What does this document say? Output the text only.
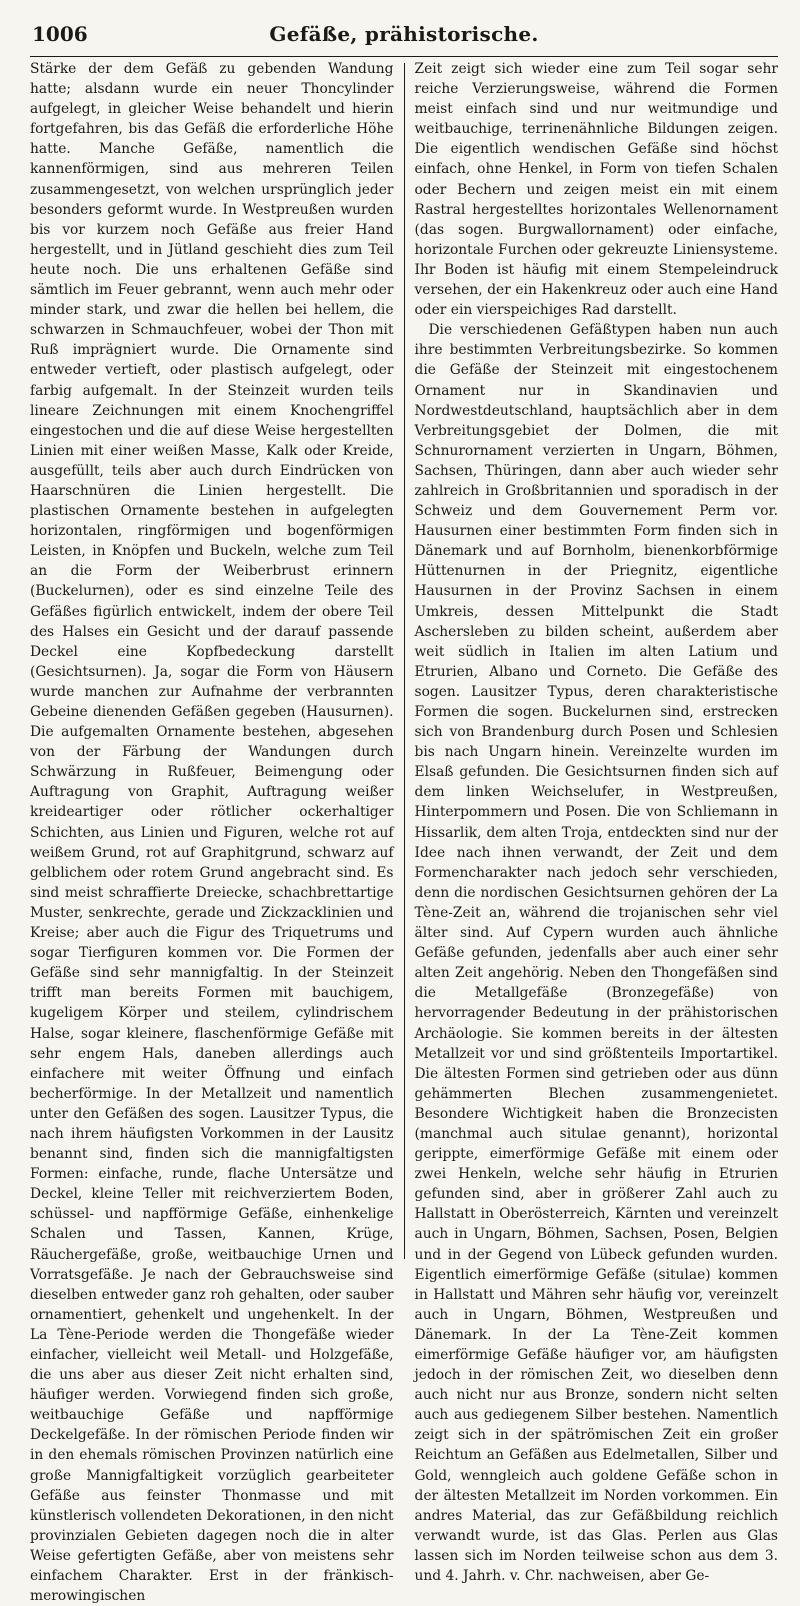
1006	Gefäße, prähistorische.

Stärke der dem Gefäß zu gebenden Wandung hatte; alsdann wurde ein neuer Thoncylinder aufgelegt, in gleicher Weise behandelt und hierin fortgefahren, bis das Gefäß die erforderliche Höhe hatte. Manche Gefäße, namentlich die kannenförmigen, sind aus mehreren Teilen zusammengesetzt, von welchen ursprünglich jeder besonders geformt wurde. In Westpreußen wurden bis vor kurzem noch Gefäße aus freier Hand hergestellt, und in Jütland geschieht dies zum Teil heute noch. Die uns erhaltenen Gefäße sind sämtlich im Feuer gebrannt, wenn auch mehr oder minder stark, und zwar die hellen bei hellem, die schwarzen in Schmauchfeuer, wobei der Thon mit Ruß imprägniert wurde. Die Ornamente sind entweder vertieft, oder plastisch aufgelegt, oder farbig aufgemalt. In der Steinzeit wurden teils lineare Zeichnungen mit einem Knochengriffel eingestochen und die auf diese Weise hergestellten Linien mit einer weißen Masse, Kalk oder Kreide, ausgefüllt, teils aber auch durch Eindrücken von Haarschnüren die Linien hergestellt. Die plastischen Ornamente bestehen in aufgelegten horizontalen, ringförmigen und bogenförmigen Leisten, in Knöpfen und Buckeln, welche zum Teil an die Form der Weiberbrust erinnern (Buckelurnen), oder es sind einzelne Teile des Gefäßes figürlich entwickelt, indem der obere Teil des Halses ein Gesicht und der darauf passende Deckel eine Kopfbedeckung darstellt (Gesichtsurnen). Ja, sogar die Form von Häusern wurde manchen zur Aufnahme der verbrannten Gebeine dienenden Gefäßen gegeben (Hausurnen). Die aufgemalten Ornamente bestehen, abgesehen von der Färbung der Wandungen durch Schwärzung in Rußfeuer, Beimengung oder Auftragung von Graphit, Auftragung weißer kreideartiger oder rötlicher ockerhaltiger Schichten, aus Linien und Figuren, welche rot auf weißem Grund, rot auf Graphitgrund, schwarz auf gelblichem oder rotem Grund angebracht sind. Es sind meist schraffierte Dreiecke, schachbrettartige Muster, senkrechte, gerade und Zickzacklinien und Kreise; aber auch die Figur des Triquetrums und sogar Tierfiguren kommen vor. Die Formen der Gefäße sind sehr mannigfaltig. In der Steinzeit trifft man bereits Formen mit bauchigem, kugeligem Körper und steilem, cylindrischem Halse, sogar kleinere, flaschenförmige Gefäße mit sehr engem Hals, daneben allerdings auch einfachere mit weiter Öffnung und einfach becherförmige. In der Metallzeit und namentlich unter den Gefäßen des sogen. Lausitzer Typus, die nach ihrem häufigsten Vorkommen in der Lausitz benannt sind, finden sich die mannigfaltigsten Formen: einfache, runde, flache Untersätze und Deckel, kleine Teller mit reichverziertem Boden, schüssel- und napfförmige Gefäße, einhenkelige Schalen und Tassen, Kannen, Krüge, Räuchergefäße, große, weitbauchige Urnen und Vorratsgefäße. Je nach der Gebrauchsweise sind dieselben entweder ganz roh gehalten, oder sauber ornamentiert, gehenkelt und ungehenkelt. In der La Tène-Periode werden die Thongefäße wieder einfacher, vielleicht weil Metall- und Holzgefäße, die uns aber aus dieser Zeit nicht erhalten sind, häufiger werden. Vorwiegend finden sich große, weitbauchige Gefäße und napfförmige Deckelgefäße. In der römischen Periode finden wir in den ehemals römischen Provinzen natürlich eine große Mannigfaltigkeit vorzüglich gearbeiteter Gefäße aus feinster Thonmasse und mit künstlerisch vollendeten Dekorationen, in den nicht provinzialen Gebieten dagegen noch die in alter Weise gefertigten Gefäße, aber von meistens sehr einfachem Charakter. Erst in der fränkisch-merowingischen

Zeit zeigt sich wieder eine zum Teil sogar sehr reiche Verzierungsweise, während die Formen meist einfach sind und nur weitmundige und weitbauchige, terrinenähnliche Bildungen zeigen. Die eigentlich wendischen Gefäße sind höchst einfach, ohne Henkel, in Form von tiefen Schalen oder Bechern und zeigen meist ein mit einem Rastral hergestelltes horizontales Wellenornament (das sogen. Burgwallornament) oder einfache, horizontale Furchen oder gekreuzte Liniensysteme. Ihr Boden ist häufig mit einem Stempeleindruck versehen, der ein Hakenkreuz oder auch eine Hand oder ein vierspeichiges Rad darstellt.

Die verschiedenen Gefäßtypen haben nun auch ihre bestimmten Verbreitungsbezirke. So kommen die Gefäße der Steinzeit mit eingestochenem Ornament nur in Skandinavien und Nordwestdeutschland, hauptsächlich aber in dem Verbreitungsgebiet der Dolmen, die mit Schnurornament verzierten in Ungarn, Böhmen, Sachsen, Thüringen, dann aber auch wieder sehr zahlreich in Großbritannien und sporadisch in der Schweiz und dem Gouvernement Perm vor. Hausurnen einer bestimmten Form finden sich in Dänemark und auf Bornholm, bienenkorbförmige Hüttenurnen in der Priegnitz, eigentliche Hausurnen in der Provinz Sachsen in einem Umkreis, dessen Mittelpunkt die Stadt Aschersleben zu bilden scheint, außerdem aber weit südlich in Italien im alten Latium und Etrurien, Albano und Corneto. Die Gefäße des sogen. Lausitzer Typus, deren charakteristische Formen die sogen. Buckelurnen sind, erstrecken sich von Brandenburg durch Posen und Schlesien bis nach Ungarn hinein. Vereinzelte wurden im Elsaß gefunden. Die Gesichtsurnen finden sich auf dem linken Weichselufer, in Westpreußen, Hinterpommern und Posen. Die von Schliemann in Hissarlik, dem alten Troja, entdeckten sind nur der Idee nach ihnen verwandt, der Zeit und dem Formencharakter nach jedoch sehr verschieden, denn die nordischen Gesichtsurnen gehören der La Tène-Zeit an, während die trojanischen sehr viel älter sind. Auf Cypern wurden auch ähnliche Gefäße gefunden, jedenfalls aber auch einer sehr alten Zeit angehörig. Neben den Thongefäßen sind die Metallgefäße (Bronzegefäße) von hervorragender Bedeutung in der prähistorischen Archäologie. Sie kommen bereits in der ältesten Metallzeit vor und sind größtenteils Importartikel. Die ältesten Formen sind getrieben oder aus dünn gehämmerten Blechen zusammengenietet. Besondere Wichtigkeit haben die Bronzecisten (manchmal auch situlae genannt), horizontal gerippte, eimerförmige Gefäße mit einem oder zwei Henkeln, welche sehr häufig in Etrurien gefunden sind, aber in größerer Zahl auch zu Hallstatt in Oberösterreich, Kärnten und vereinzelt auch in Ungarn, Böhmen, Sachsen, Posen, Belgien und in der Gegend von Lübeck gefunden wurden. Eigentlich eimerförmige Gefäße (situlae) kommen in Hallstatt und Mähren sehr häufig vor, vereinzelt auch in Ungarn, Böhmen, Westpreußen und Dänemark. In der La Tène-Zeit kommen eimerförmige Gefäße häufiger vor, am häufigsten jedoch in der römischen Zeit, wo dieselben denn auch nicht nur aus Bronze, sondern nicht selten auch aus gediegenem Silber bestehen. Namentlich zeigt sich in der spätrömischen Zeit ein großer Reichtum an Gefäßen aus Edelmetallen, Silber und Gold, wenngleich auch goldene Gefäße schon in der ältesten Metallzeit im Norden vorkommen. Ein andres Material, das zur Gefäßbildung reichlich verwandt wurde, ist das Glas. Perlen aus Glas lassen sich im Norden teilweise schon aus dem 3. und 4. Jahrh. v. Chr. nachweisen, aber Ge-
